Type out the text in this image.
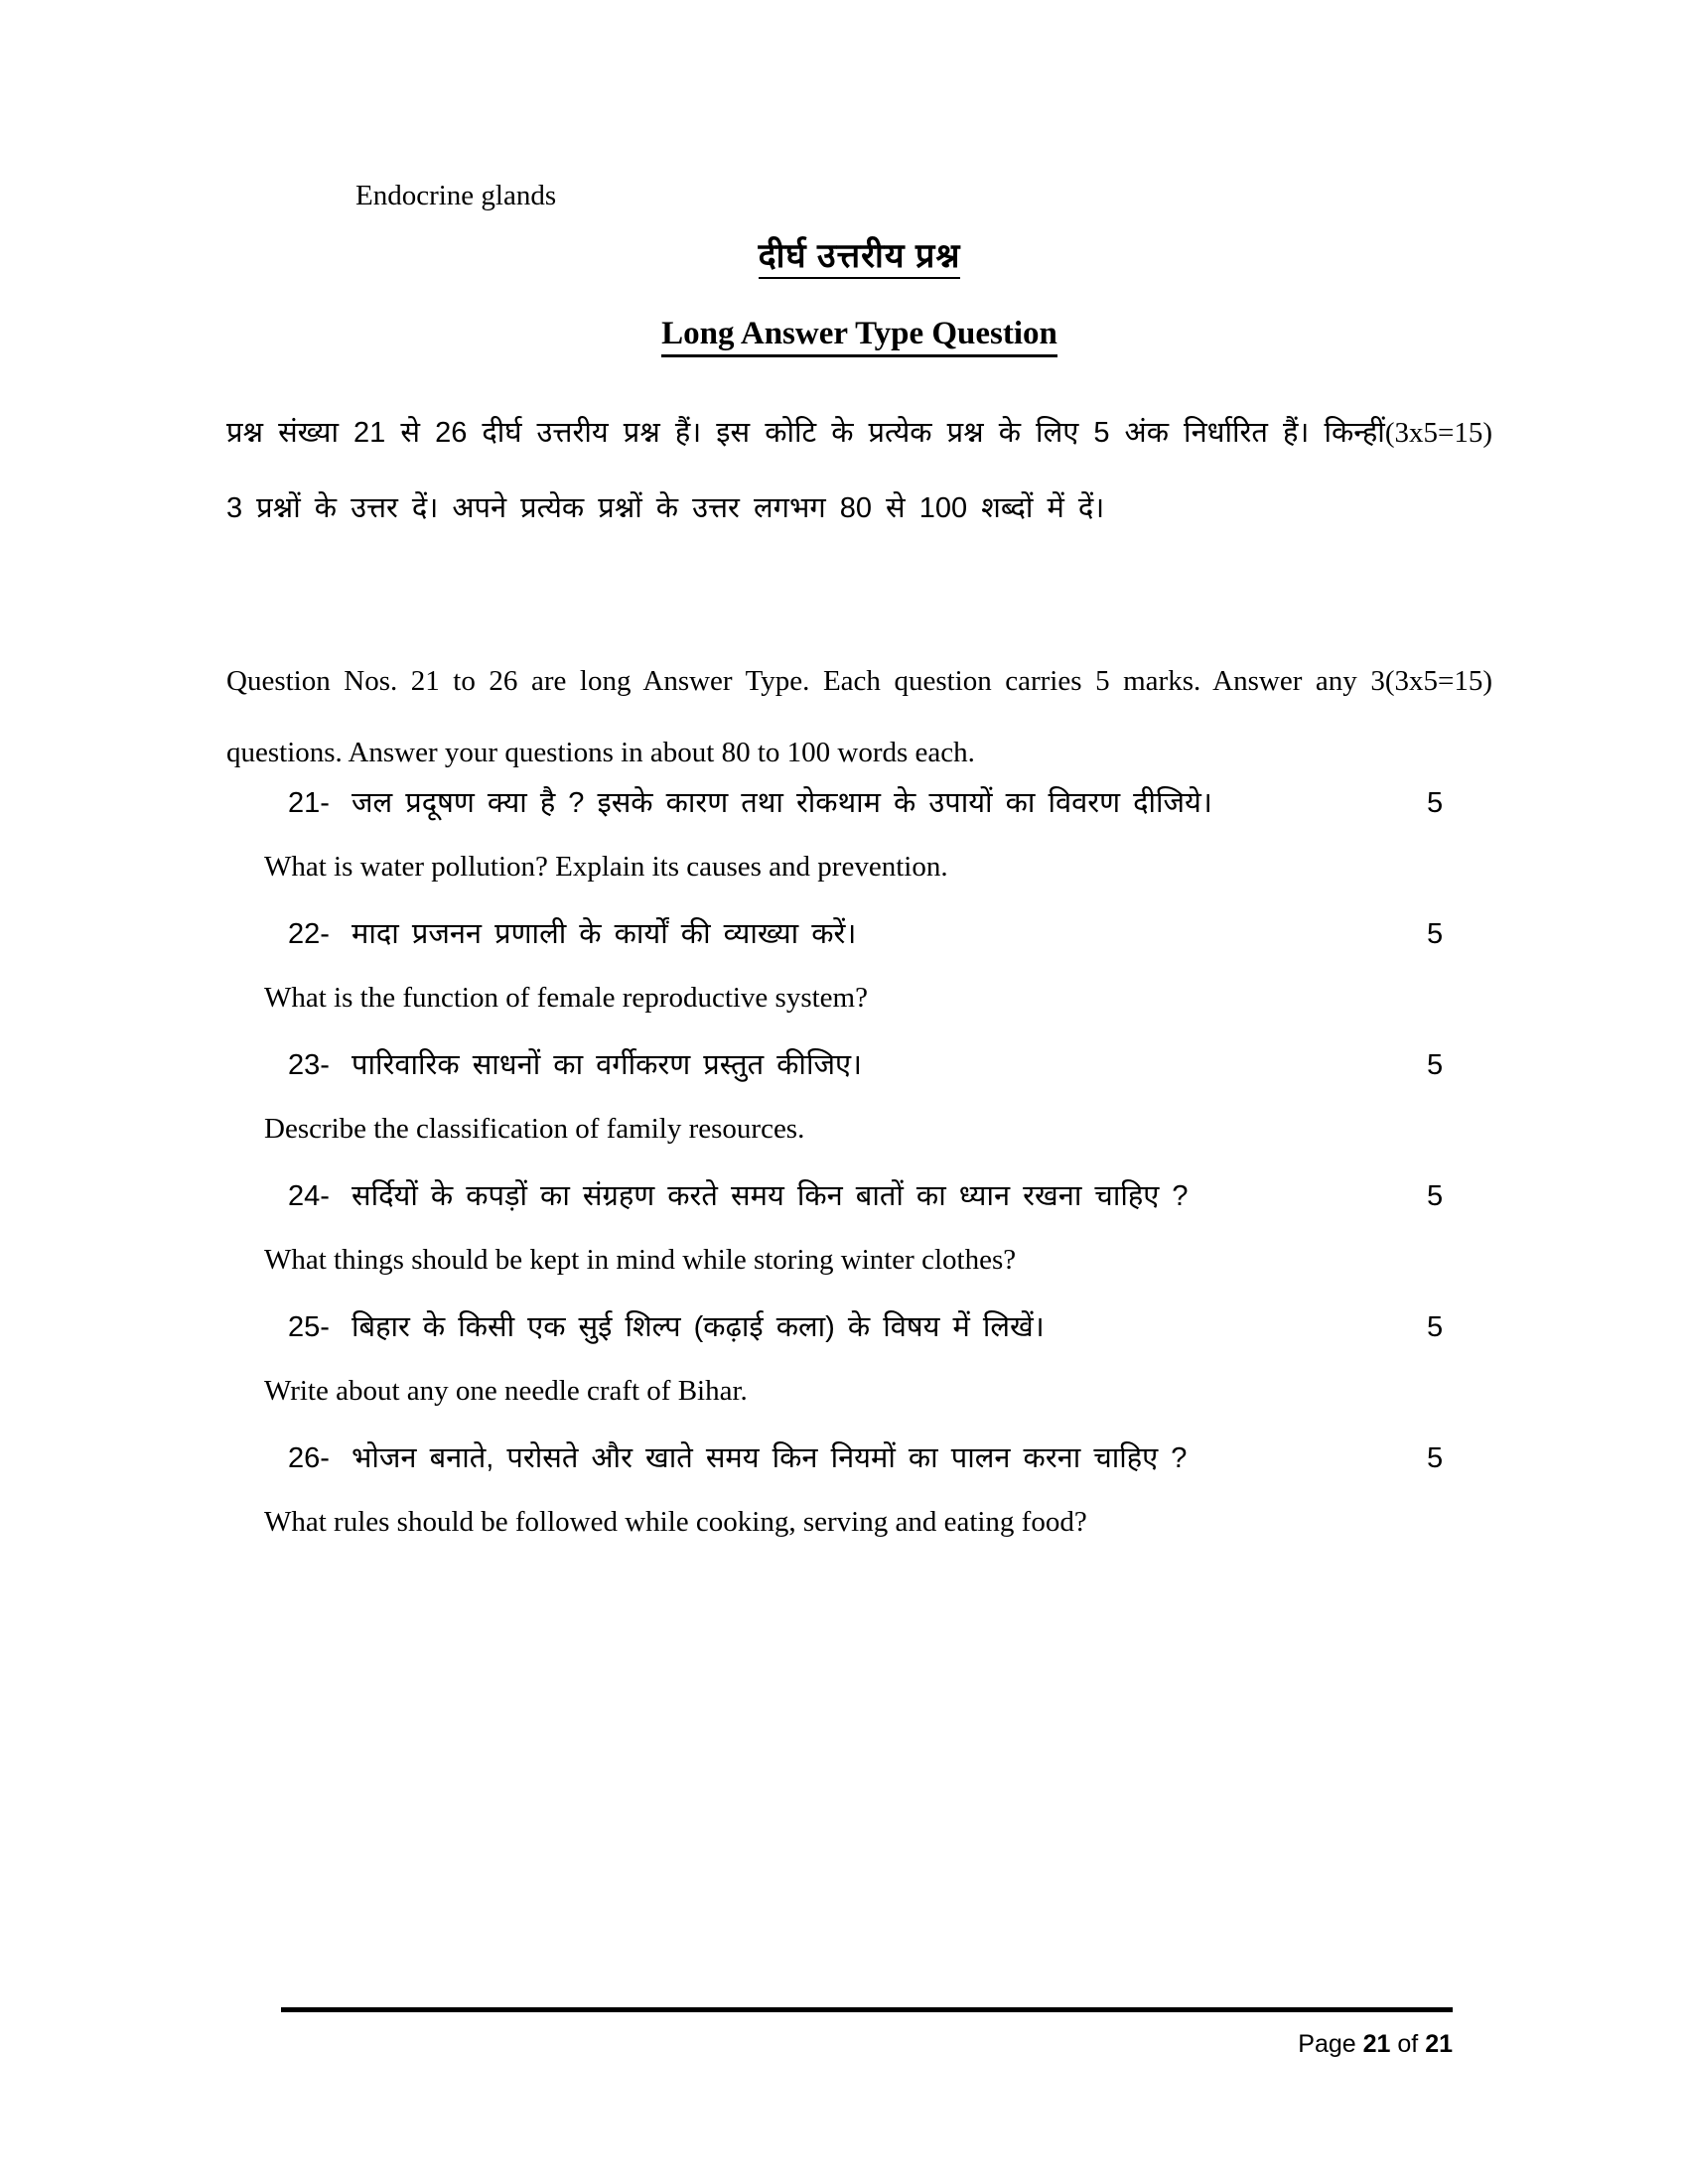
Endocrine glands
दीर्घ उत्तरीय प्रश्न
Long Answer Type Question
(3x5=15)
प्रश्न संख्या 21 से 26 दीर्घ उत्तरीय प्रश्न हैं। इस कोटि के प्रत्येक प्रश्न के लिए 5 अंक निर्धारित हैं। किन्हीं 3 प्रश्नों के उत्तर दें। अपने प्रत्येक प्रश्नों के उत्तर लगभग 80 से 100 शब्दों में दें।
(3x5=15)
Question Nos. 21 to 26 are long Answer Type. Each question carries 5 marks. Answer any 3 questions. Answer your questions in about 80 to 100 words each.
21- जल प्रदूषण क्या है ? इसके कारण तथा रोकथाम के उपायों का विवरण दीजिये।	5
What is water pollution? Explain its causes and prevention.
22- मादा प्रजनन प्रणाली के कार्यों की व्याख्या करें।	5
What is the function of female reproductive system?
23- पारिवारिक साधनों का वर्गीकरण प्रस्तुत कीजिए।	5
Describe the classification of family resources.
24- सर्दियों के कपड़ों का संग्रहण करते समय किन बातों का ध्यान रखना चाहिए ?	5
What things should be kept in mind while storing winter clothes?
25- बिहार के किसी एक सुई शिल्प (कढ़ाई कला) के विषय में लिखें।	5
Write about any one needle craft of Bihar.
26- भोजन बनाते, परोसते और खाते समय किन नियमों का पालन करना चाहिए ?	5
What rules should be followed while cooking, serving and eating food?
Page 21 of 21
